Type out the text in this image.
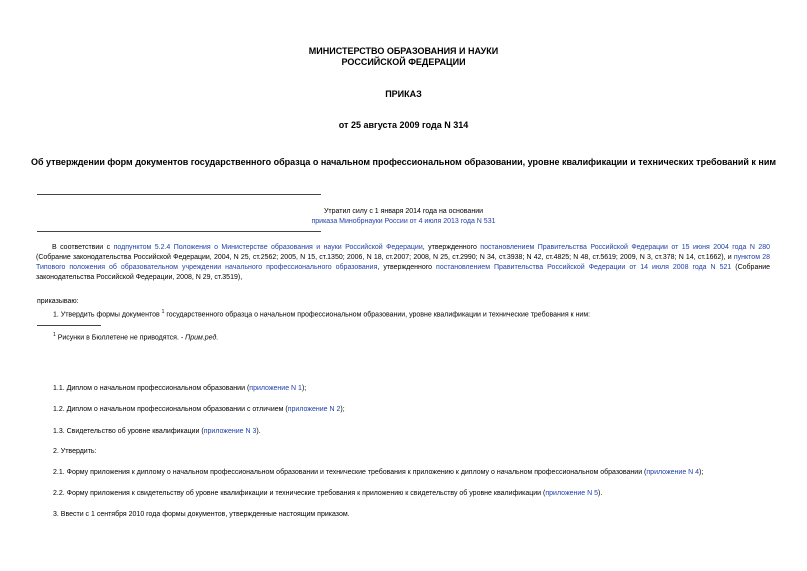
МИНИСТЕРСТВО ОБРАЗОВАНИЯ И НАУКИ
РОССИЙСКОЙ ФЕДЕРАЦИИ
ПРИКАЗ
от 25 августа 2009 года N 314
Об утверждении форм документов государственного образца о начальном профессиональном образовании, уровне квалификации и технических требований к ним
Утратил силу с 1 января 2014 года на основании
приказа Минобрнауки России от 4 июля 2013 года N 531
В соответствии с подпунктом 5.2.4 Положения о Министерстве образования и науки Российской Федерации, утвержденного постановлением Правительства Российской Федерации от 15 июня 2004 года N 280 (Собрание законодательства Российской Федерации, 2004, N 25, ст.2562; 2005, N 15, ст.1350; 2006, N 18, ст.2007; 2008, N 25, ст.2990; N 34, ст.3938; N 42, ст.4825; N 48, ст.5619; 2009, N 3, ст.378; N 14, ст.1662), и пунктом 28 Типового положения об образовательном учреждении начального профессионального образования, утвержденного постановлением Правительства Российской Федерации от 14 июля 2008 года N 521 (Собрание законодательства Российской Федерации, 2008, N 29, ст.3519),
приказываю:
1. Утвердить формы документов $^1$ государственного образца о начальном профессиональном образовании, уровне квалификации и технические требования к ним:
$^1$ Рисунки в Бюллетене не приводятся. - Прим.ред.
1.1. Диплом о начальном профессиональном образовании (приложение N 1);
1.2. Диплом о начальном профессиональном образовании с отличием (приложение N 2);
1.3. Свидетельство об уровне квалификации (приложение N 3).
2. Утвердить:
2.1. Форму приложения к диплому о начальном профессиональном образовании и технические требования к приложению к диплому о начальном профессиональном образовании (приложение N 4);
2.2. Форму приложения к свидетельству об уровне квалификации и технические требования к приложению к свидетельству об уровне квалификации (приложение N 5).
3. Ввести с 1 сентября 2010 года формы документов, утвержденные настоящим приказом.
